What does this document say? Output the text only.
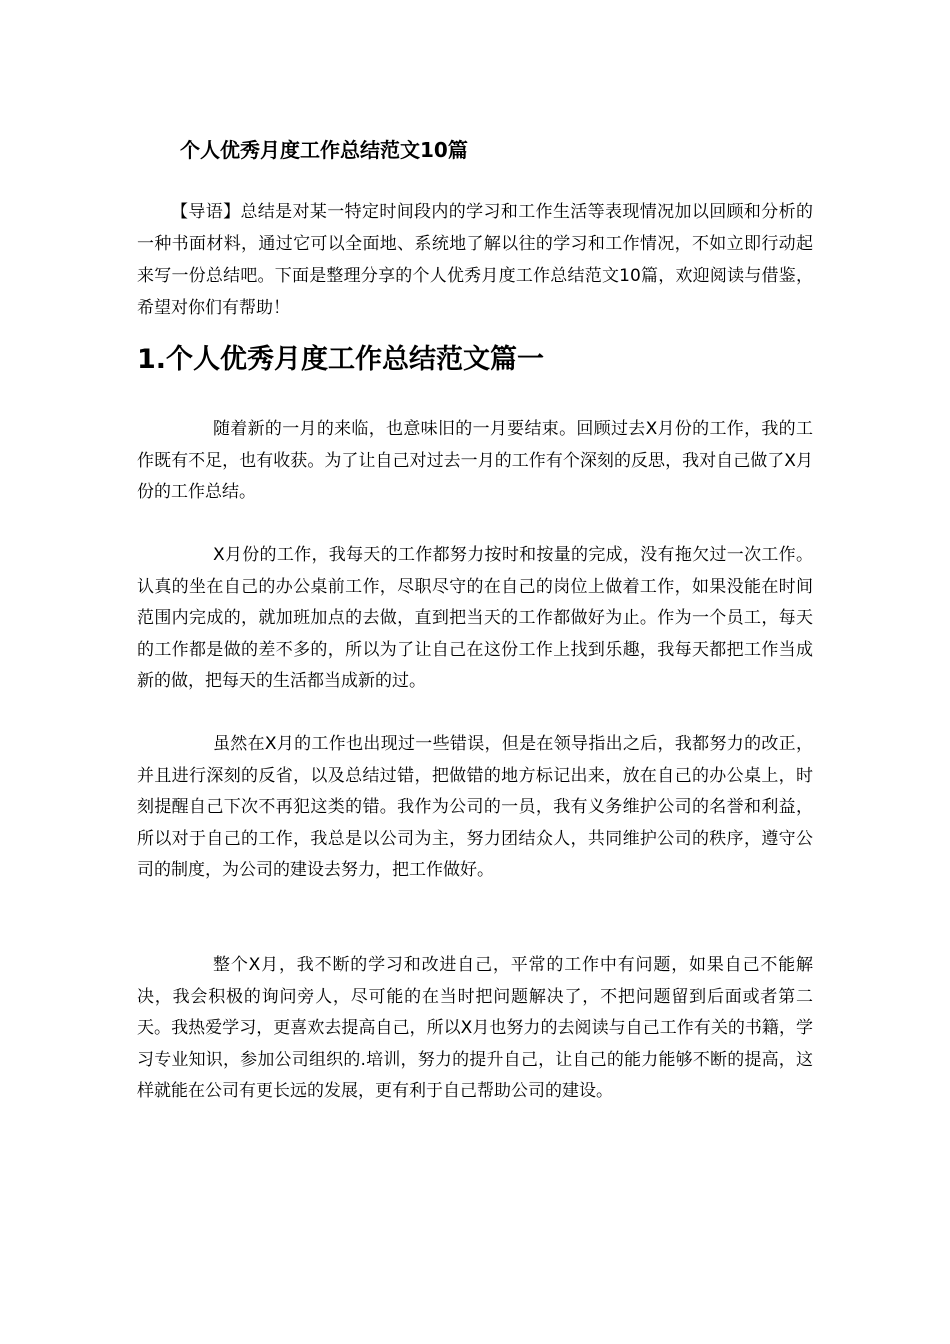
个人优秀月度工作总结范文10篇

【导语】总结是对某一特定时间段内的学习和工作生活等表现情况加以回顾和分析的一种书面材料，通过它可以全面地、系统地了解以往的学习和工作情况，不如立即行动起来写一份总结吧。下面是整理分享的个人优秀月度工作总结范文10篇，欢迎阅读与借鉴，希望对你们有帮助！

1.个人优秀月度工作总结范文篇一

随着新的一月的来临，也意味旧的一月要结束。回顾过去X月份的工作，我的工作既有不足，也有收获。为了让自己对过去一月的工作有个深刻的反思，我对自己做了X月份的工作总结。

X月份的工作，我每天的工作都努力按时和按量的完成，没有拖欠过一次工作。认真的坐在自己的办公桌前工作，尽职尽守的在自己的岗位上做着工作，如果没能在时间范围内完成的，就加班加点的去做，直到把当天的工作都做好为止。作为一个员工，每天的工作都是做的差不多的，所以为了让自己在这份工作上找到乐趣，我每天都把工作当成新的做，把每天的生活都当成新的过。

虽然在X月的工作也出现过一些错误，但是在领导指出之后，我都努力的改正，并且进行深刻的反省，以及总结过错，把做错的地方标记出来，放在自己的办公桌上，时刻提醒自己下次不再犯这类的错。我作为公司的一员，我有义务维护公司的名誉和利益，所以对于自己的工作，我总是以公司为主，努力团结众人，共同维护公司的秩序，遵守公司的制度，为公司的建设去努力，把工作做好。

整个X月，我不断的学习和改进自己，平常的工作中有问题，如果自己不能解决，我会积极的询问旁人，尽可能的在当时把问题解决了，不把问题留到后面或者第二天。我热爱学习，更喜欢去提高自己，所以X月也努力的去阅读与自己工作有关的书籍，学习专业知识，参加公司组织的.培训，努力的提升自己，让自己的能力能够不断的提高，这样就能在公司有更长远的发展，更有利于自己帮助公司的建设。
